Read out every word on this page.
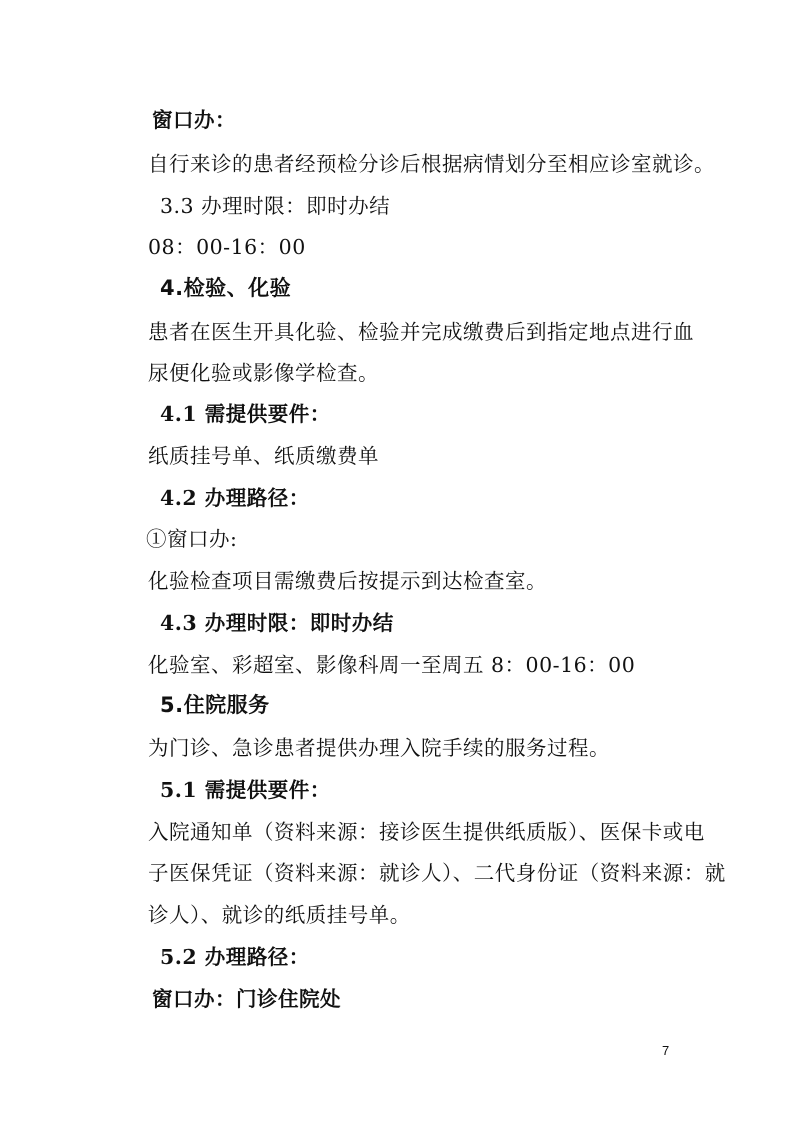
窗口办：
自行来诊的患者经预检分诊后根据病情划分至相应诊室就诊。
3.3 办理时限：即时办结
08：00-16：00
4.检验、化验
患者在医生开具化验、检验并完成缴费后到指定地点进行血
尿便化验或影像学检查。
4.1 需提供要件：
纸质挂号单、纸质缴费单
4.2 办理路径：
①窗口办:
化验检查项目需缴费后按提示到达检查室。
4.3 办理时限：即时办结
化验室、彩超室、影像科周一至周五 8：00-16：00
5.住院服务
为门诊、急诊患者提供办理入院手续的服务过程。
5.1 需提供要件：
入院通知单（资料来源：接诊医生提供纸质版）、医保卡或电
子医保凭证（资料来源：就诊人）、二代身份证（资料来源：就
诊人）、就诊的纸质挂号单。
5.2 办理路径：
窗口办：门诊住院处
7
